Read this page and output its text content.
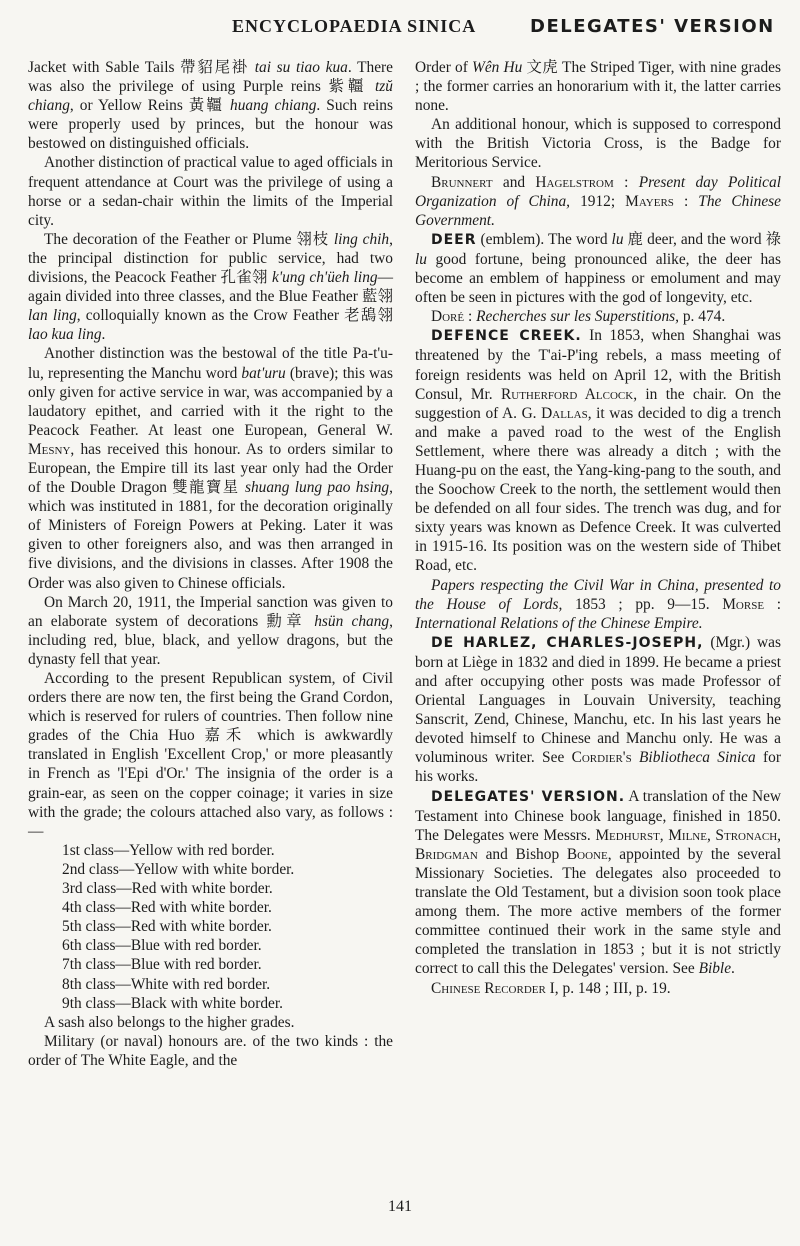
ENCYCLOPAEDIA SINICA	DELEGATES' VERSION

Jacket with Sable Tails 帶貂尾褂 tai su tiao kua. There was also the privilege of using Purple reins 紫韁 tzŭ chiang, or Yellow Reins 黃韁 huang chiang. Such reins were properly used by princes, but the honour was bestowed on distinguished officials.

Another distinction of practical value to aged officials in frequent attendance at Court was the privilege of using a horse or a sedan-chair within the limits of the Imperial city.

The decoration of the Feather or Plume 翎枝 ling chih, the principal distinction for public service, had two divisions, the Peacock Feather 孔雀翎 k'ung ch'üeh ling—again divided into three classes, and the Blue Feather 藍翎 lan ling, colloquially known as the Crow Feather 老鴰翎 lao kua ling.

Another distinction was the bestowal of the title Pa-t'u-lu, representing the Manchu word bat'uru (brave); this was only given for active service in war, was accompanied by a laudatory epithet, and carried with it the right to the Peacock Feather. At least one European, General W. Mesny, has received this honour. As to orders similar to European, the Empire till its last year only had the Order of the Double Dragon 雙龍寶星 shuang lung pao hsing, which was instituted in 1881, for the decoration originally of Ministers of Foreign Powers at Peking. Later it was given to other foreigners also, and was then arranged in five divisions, and the divisions in classes. After 1908 the Order was also given to Chinese officials.

On March 20, 1911, the Imperial sanction was given to an elaborate system of decorations 勳章 hsün chang, including red, blue, black, and yellow dragons, but the dynasty fell that year.

According to the present Republican system, of Civil orders there are now ten, the first being the Grand Cordon, which is reserved for rulers of countries. Then follow nine grades of the Chia Huo 嘉禾 which is awkwardly translated in English 'Excellent Crop,' or more pleasantly in French as 'l'Epi d'Or.' The insignia of the order is a grain-ear, as seen on the copper coinage; it varies in size with the grade; the colours attached also vary, as follows :—

1st class—Yellow with red border.
2nd class—Yellow with white border.
3rd class—Red with white border.
4th class—Red with white border.
5th class—Red with white border.
6th class—Blue with red border.
7th class—Blue with red border.
8th class—White with red border.
9th class—Black with white border.

A sash also belongs to the higher grades.

Military (or naval) honours are. of the two kinds : the order of The White Eagle, and the

Order of Wên Hu 文虎 The Striped Tiger, with nine grades ; the former carries an honorarium with it, the latter carries none.

An additional honour, which is supposed to correspond with the British Victoria Cross, is the Badge for Meritorious Service.

Brunnert and Hagelstrom : Present day Political Organization of China, 1912; Mayers : The Chinese Government.

DEER (emblem). The word lu 鹿 deer, and the word 祿 lu good fortune, being pronounced alike, the deer has become an emblem of happiness or emolument and may often be seen in pictures with the god of longevity, etc.

Doré : Recherches sur les Superstitions, p. 474.

DEFENCE CREEK. In 1853, when Shanghai was threatened by the T'ai-P'ing rebels, a mass meeting of foreign residents was held on April 12, with the British Consul, Mr. Rutherford Alcock, in the chair. On the suggestion of A. G. Dallas, it was decided to dig a trench and make a paved road to the west of the English Settlement, where there was already a ditch ; with the Huang-pu on the east, the Yang-king-pang to the south, and the Soochow Creek to the north, the settlement would then be defended on all four sides. The trench was dug, and for sixty years was known as Defence Creek. It was culverted in 1915-16. Its position was on the western side of Thibet Road, etc.

Papers respecting the Civil War in China, presented to the House of Lords, 1853 ; pp. 9—15. Morse : International Relations of the Chinese Empire.

DE HARLEZ, CHARLES-JOSEPH, (Mgr.) was born at Liège in 1832 and died in 1899. He became a priest and after occupying other posts was made Professor of Oriental Languages in Louvain University, teaching Sanscrit, Zend, Chinese, Manchu, etc. In his last years he devoted himself to Chinese and Manchu only. He was a voluminous writer. See Cordier's Bibliotheca Sinica for his works.

DELEGATES' VERSION. A translation of the New Testament into Chinese book language, finished in 1850. The Delegates were Messrs. Medhurst, Milne, Stronach, Bridgman and Bishop Boone, appointed by the several Missionary Societies. The delegates also proceeded to translate the Old Testament, but a division soon took place among them. The more active members of the former committee continued their work in the same style and completed the translation in 1853 ; but it is not strictly correct to call this the Delegates' version. See Bible.

Chinese Recorder I, p. 148 ; III, p. 19.

141
